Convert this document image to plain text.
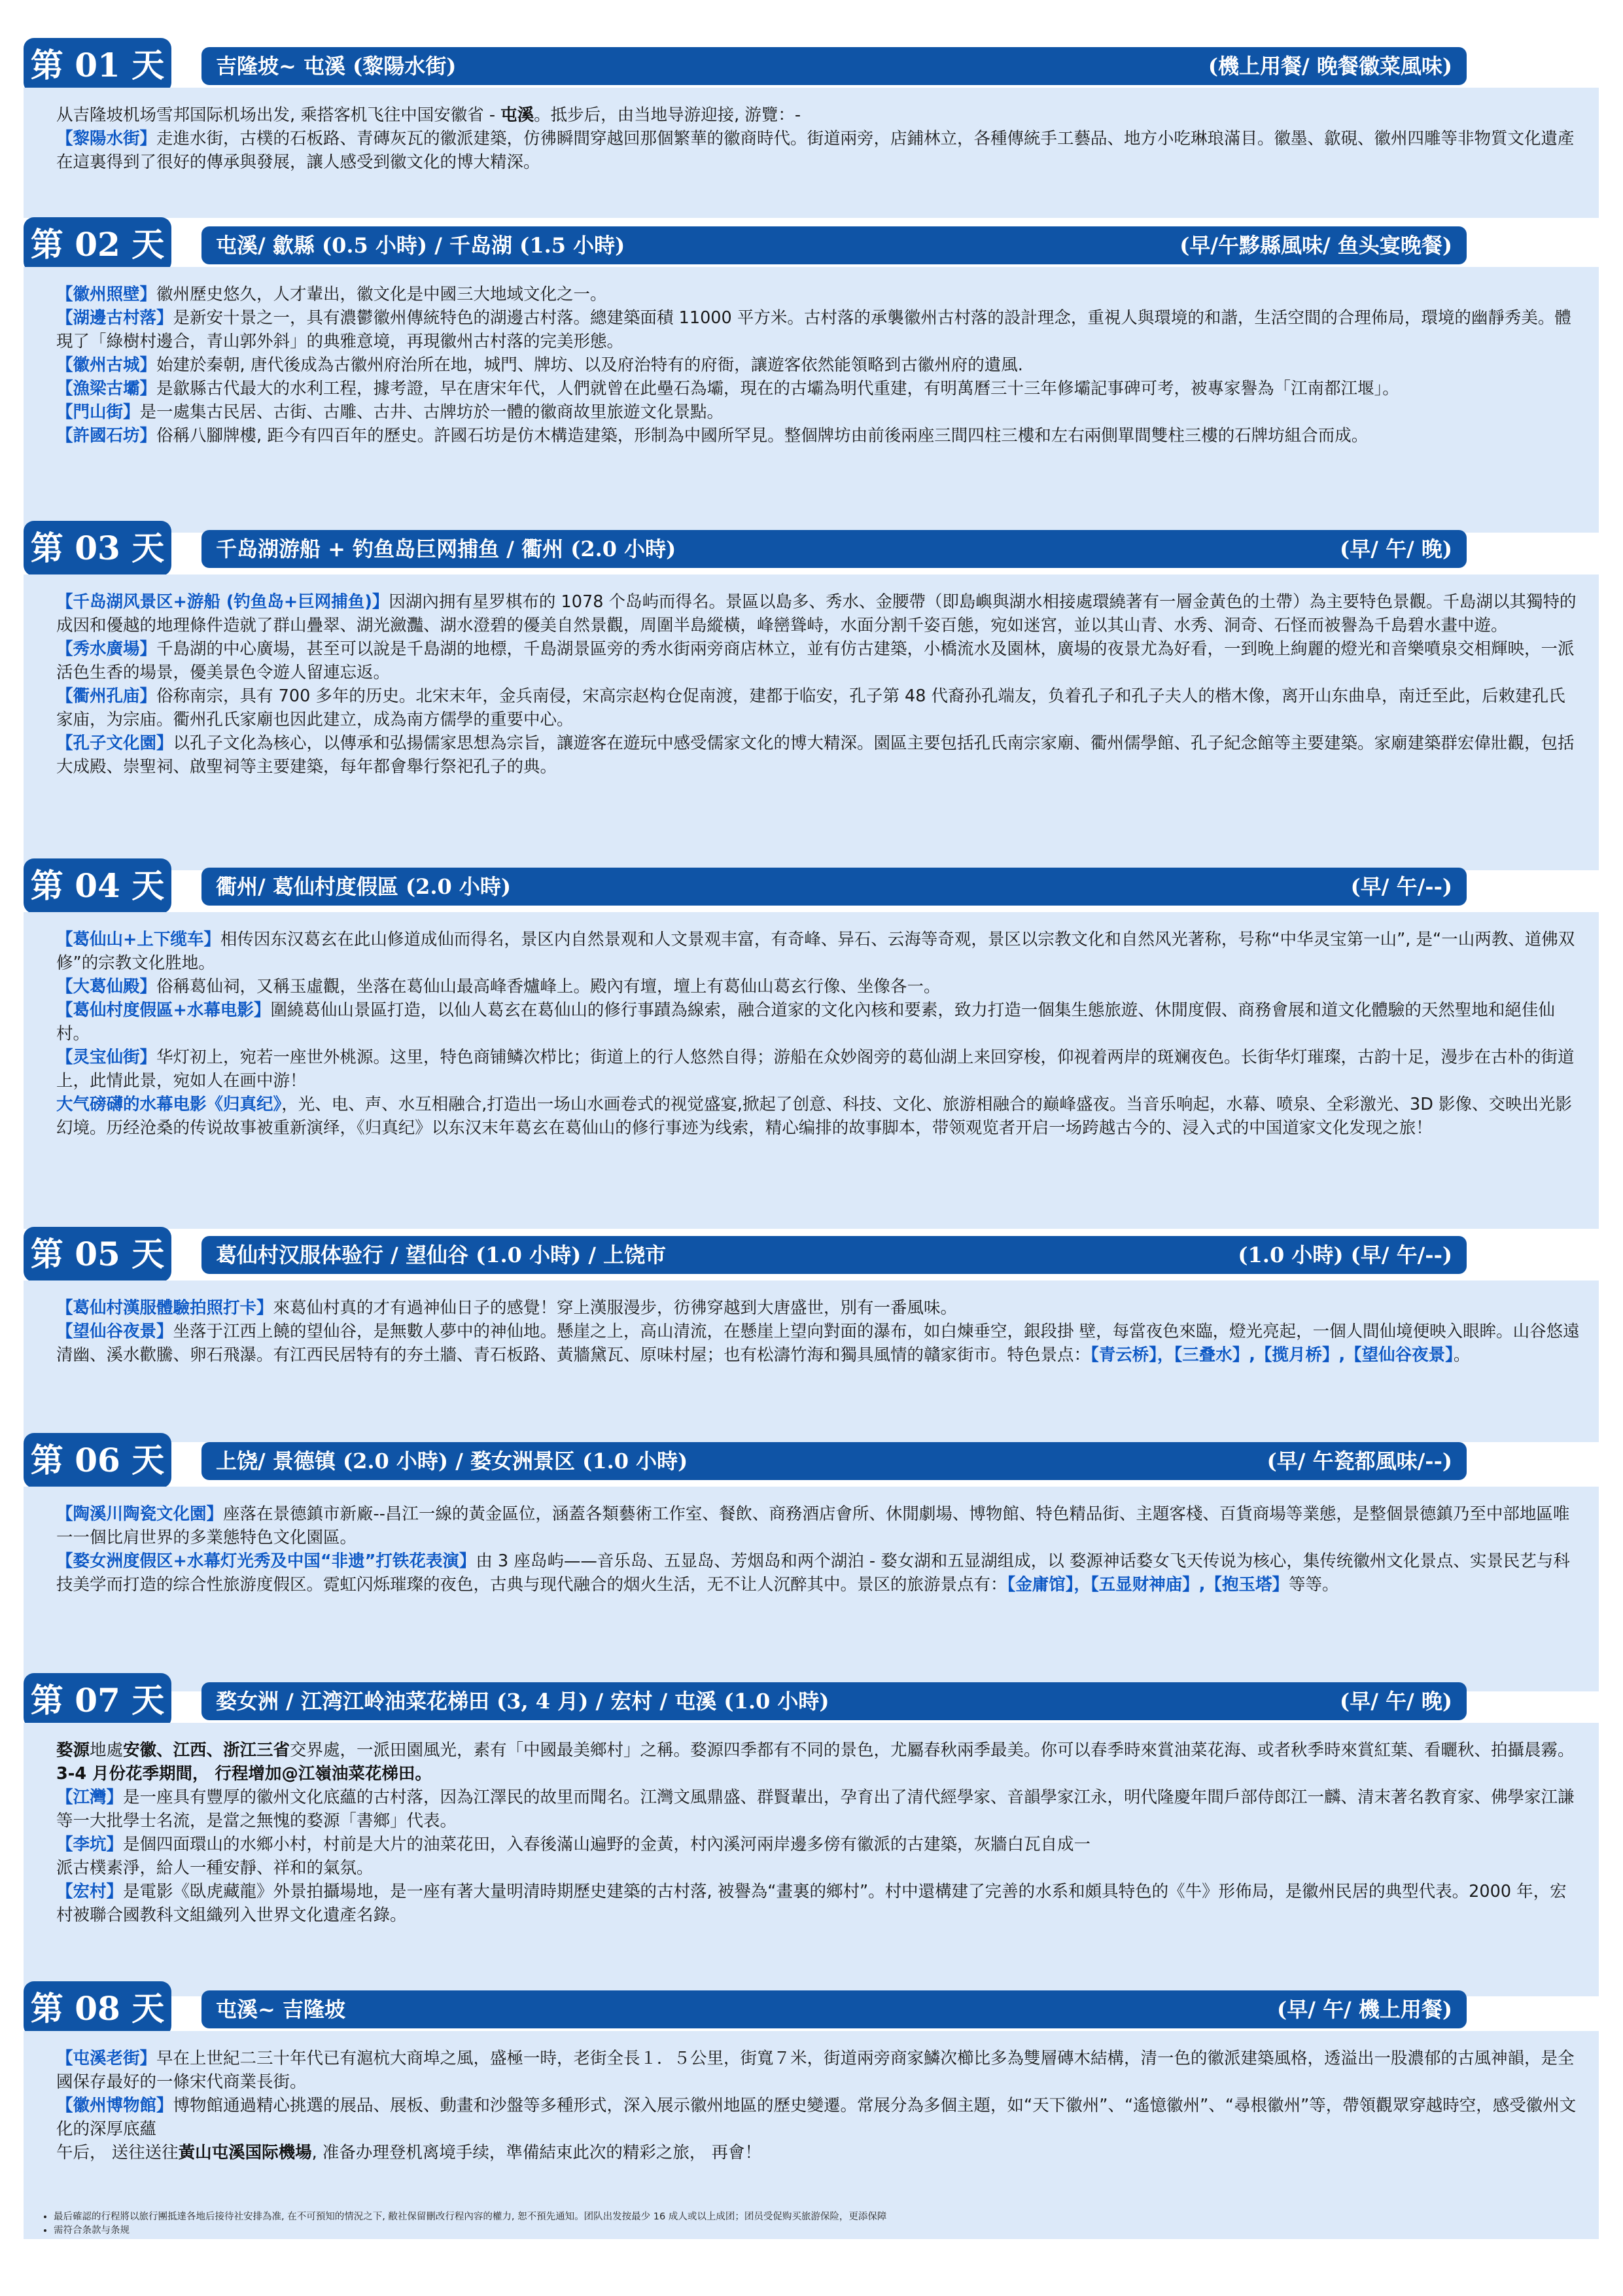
第 01 天	吉隆坡~ 屯溪 (黎陽水街)	(機上用餐/ 晚餐徽菜風味)

从吉隆坡机场雪邦国际机场出发, 乘搭客机飞往中国安徽省 - 屯溪。抵步后，由当地导游迎接, 游覽：-

【黎陽水街】走進水街，古樸的石板路、青磚灰瓦的徽派建築，仿彿瞬間穿越回那個繁華的徽商時代。街道兩旁，店鋪林立，各種傳統手工藝品、地方小吃琳琅滿目。徽墨、歙硯、徽州四雕等非物質文化遺產在這裏得到了很好的傳承與發展，讓人感受到徽文化的博大精深。

第 02 天	屯溪/ 歙縣 (0.5 小時) / 千岛湖 (1.5 小時)	(早/午黟縣風味/ 鱼头宴晚餐)

【徽州照壁】徽州歷史悠久，人才輩出，徽文化是中國三大地域文化之一。

【湖邊古村落】是新安十景之一，具有濃鬱徽州傳統特色的湖邊古村落。總建築面積 11000 平方米。古村落的承襲徽州古村落的設計理念，重視人與環境的和諧，生活空間的合理佈局，環境的幽靜秀美。體現了「綠樹村邊合，青山郭外斜」的典雅意境，再現徽州古村落的完美形態。

【徽州古城】始建於秦朝, 唐代後成為古徽州府治所在地，城門、牌坊、以及府治特有的府衙，讓遊客依然能領略到古徽州府的遺風.

【漁梁古壩】是歙縣古代最大的水利工程，據考證，早在唐宋年代，人們就曾在此壘石為壩，現在的古壩為明代重建，有明萬曆三十三年修壩記事碑可考，被專家譽為「江南都江堰」。

【門山街】是一處集古民居、古街、古雕、古井、古牌坊於一體的徽商故里旅遊文化景點。

【許國石坊】俗稱八腳牌樓, 距今有四百年的歷史。許國石坊是仿木構造建築，形制為中國所罕見。整個牌坊由前後兩座三間四柱三樓和左右兩側單間雙柱三樓的石牌坊組合而成。

第 03 天	千岛湖游船 + 钓鱼岛巨网捕鱼 / 衢州 (2.0 小時)	(早/ 午/ 晚)

【千岛湖风景区+游船 (钓鱼岛+巨网捕鱼)】因湖內拥有星罗棋布的 1078 个岛屿而得名。景區以島多、秀水、金腰帶（即島嶼與湖水相接處環繞著有一層金黃色的土帶）為主要特色景觀。千島湖以其獨特的成因和優越的地理條件造就了群山疊翠、湖光瀲灩、湖水澄碧的優美自然景觀，周圍半島縱橫，峰巒聳峙，水面分割千姿百態，宛如迷宮，並以其山青、水秀、洞奇、石怪而被譽為千島碧水畫中遊。

【秀水廣場】千島湖的中心廣場，甚至可以說是千島湖的地標，千島湖景區旁的秀水街兩旁商店林立，並有仿古建築，小橋流水及園林，廣場的夜景尤為好看，一到晚上絢麗的燈光和音樂噴泉交相輝映，一派活色生香的場景，優美景色令遊人留連忘返。

【衢州孔庙】俗称南宗，具有 700 多年的历史。北宋末年，金兵南侵，宋高宗赵构仓促南渡，建都于临安，孔子第 48 代裔孙孔端友，负着孔子和孔子夫人的楷木像，离开山东曲阜，南迁至此，后敕建孔氏家庙，为宗庙。衢州孔氏家廟也因此建立，成為南方儒學的重要中心。

【孔子文化園】以孔子文化為核心，以傳承和弘揚儒家思想為宗旨，讓遊客在遊玩中感受儒家文化的博大精深。園區主要包括孔氏南宗家廟、衢州儒學館、孔子紀念館等主要建築。家廟建築群宏偉壯觀，包括大成殿、崇聖祠、啟聖祠等主要建築，每年都會舉行祭祀孔子的典。

第 04 天	衢州/ 葛仙村度假區 (2.0 小時)	(早/ 午/--)

【葛仙山+上下缆车】相传因东汉葛玄在此山修道成仙而得名，景区内自然景观和人文景观丰富，有奇峰、异石、云海等奇观，景区以宗教文化和自然风光著称，号称“中华灵宝第一山”, 是“一山两教、道佛双修”的宗教文化胜地。

【大葛仙殿】俗稱葛仙祠，又稱玉虛觀，坐落在葛仙山最高峰香爐峰上。殿內有壇，壇上有葛仙山葛玄行像、坐像各一。

【葛仙村度假區+水幕电影】圍繞葛仙山景區打造，以仙人葛玄在葛仙山的修行事蹟為線索，融合道家的文化內核和要素，致力打造一個集生態旅遊、休閒度假、商務會展和道文化體驗的天然聖地和絕佳仙村。

【灵宝仙街】华灯初上，宛若一座世外桃源。这里，特色商铺鳞次栉比；街道上的行人悠然自得；游船在众妙阁旁的葛仙湖上来回穿梭，仰视着两岸的斑斓夜色。长街华灯璀璨，古韵十足，漫步在古朴的街道上，此情此景，宛如人在画中游！

大气磅礴的水幕电影《归真纪》，光、电、声、水互相融合,打造出一场山水画卷式的视觉盛宴,掀起了创意、科技、文化、旅游相融合的巅峰盛夜。当音乐响起，水幕、喷泉、全彩激光、3D 影像、交映出光影幻境。历经沧桑的传说故事被重新演绎，《归真纪》以东汉末年葛玄在葛仙山的修行事迹为线索，精心编排的故事脚本，带领观览者开启一场跨越古今的、浸入式的中国道家文化发现之旅！

第 05 天	葛仙村汉服体验行 / 望仙谷 (1.0 小時) / 上饶市	(1.0 小時) (早/ 午/--)

【葛仙村漢服體驗拍照打卡】來葛仙村真的才有過神仙日子的感覺！穿上漢服漫步，彷彿穿越到大唐盛世，別有一番風味。

【望仙谷夜景】坐落于江西上饒的望仙谷，是無數人夢中的神仙地。懸崖之上，高山清流，在懸崖上望向對面的瀑布，如白煉垂空，銀段掛 壁，每當夜色來臨，燈光亮起，一個人間仙境便映入眼眸。山谷悠遠清幽、溪水歡騰、卵石飛瀑。有江西民居特有的夯土牆、青石板路、黃牆黛瓦、原味村屋；也有松濤竹海和獨具風情的贛家街市。特色景点：【青云桥】，【三叠水】,【揽月桥】,【望仙谷夜景】。

第 06 天	上饶/ 景德镇 (2.0 小時) / 婺女洲景区 (1.0 小時)	(早/ 午瓷都風味/--)

【陶溪川陶瓷文化園】座落在景德鎮市新廠--昌江一線的黃金區位，涵蓋各類藝術工作室、餐飲、商務酒店會所、休閒劇場、博物館、特色精品街、主題客棧、百貨商場等業態，是整個景德鎮乃至中部地區唯一一個比肩世界的多業態特色文化園區。

【婺女洲度假区+水幕灯光秀及中国“非遗”打铁花表演】由 3 座岛屿——音乐岛、五显岛、芳烟岛和两个湖泊 - 婺女湖和五显湖组成，以 婺源神话婺女飞天传说为核心，集传统徽州文化景点、实景民艺与科技美学而打造的综合性旅游度假区。霓虹闪烁璀璨的夜色，古典与现代融合的烟火生活，无不让人沉醉其中。景区的旅游景点有：【金庸馆】，【五显财神庙】,【抱玉塔】等等。

第 07 天	婺女洲 / 江湾江岭油菜花梯田 (3, 4 月) / 宏村 / 屯溪 (1.0 小時)	(早/ 午/ 晚)

婺源地處安徽、江西、浙江三省交界處，一派田園風光，素有「中國最美鄉村」之稱。婺源四季都有不同的景色，尤屬春秋兩季最美。你可以春季時來賞油菜花海、或者秋季時來賞紅葉、看曬秋、拍攝晨霧。3-4 月份花季期間， 行程增加@江嶺油菜花梯田。

【江灣】是一座具有豐厚的徽州文化底蘊的古村落，因為江澤民的故里而聞名。江灣文風鼎盛、群賢輩出，孕育出了清代經學家、音韻學家江永，明代隆慶年間戶部侍郎江一麟、清末著名教育家、佛學家江謙等一大批學士名流，是當之無愧的婺源「書鄉」代表。

【李坑】是個四面環山的水鄉小村，村前是大片的油菜花田，入春後滿山遍野的金黃，村內溪河兩岸邊多傍有徽派的古建築，灰牆白瓦自成一

派古樸素淨，給人一種安靜、祥和的氣氛。

【宏村】是電影《臥虎藏龍》外景拍攝場地，是一座有著大量明清時期歷史建築的古村落, 被譽為“畫裏的鄉村”。村中還構建了完善的水系和頗具特色的《牛》形佈局，是徽州民居的典型代表。2000 年，宏村被聯合國教科文組織列入世界文化遺產名錄。

第 08 天	屯溪~ 吉隆坡	(早/ 午/ 機上用餐)

【屯溪老街】早在上世紀二三十年代已有滬杭大商埠之風，盛極一時，老街全長１．５公里，街寬７米，街道兩旁商家鱗次櫛比多為雙層磚木結構，清一色的徽派建築風格，透溢出一股濃郁的古風神韻，是全國保存最好的一條宋代商業長街。

【徽州博物館】博物館通過精心挑選的展品、展板、動畫和沙盤等多種形式，深入展示徽州地區的歷史變遷。常展分為多個主題，如“天下徽州”、“遙憶徽州”、“尋根徽州”等，帶領觀眾穿越時空，感受徽州文化的深厚底蘊

午后， 送往送往黃山屯溪国际機場, 准备办理登机离境手续，準備結束此次的精彩之旅， 再會！

• 最后確認的行程將以旅行團抵達各地后接待社安排為准, 在不可預知的情況之下, 敝社保留刪改行程內容的權力, 恕不預先通知。团队出发按最少 16 成人或以上成团；团员受促购买旅游保险，更添保障
• 需符合条款与条规
